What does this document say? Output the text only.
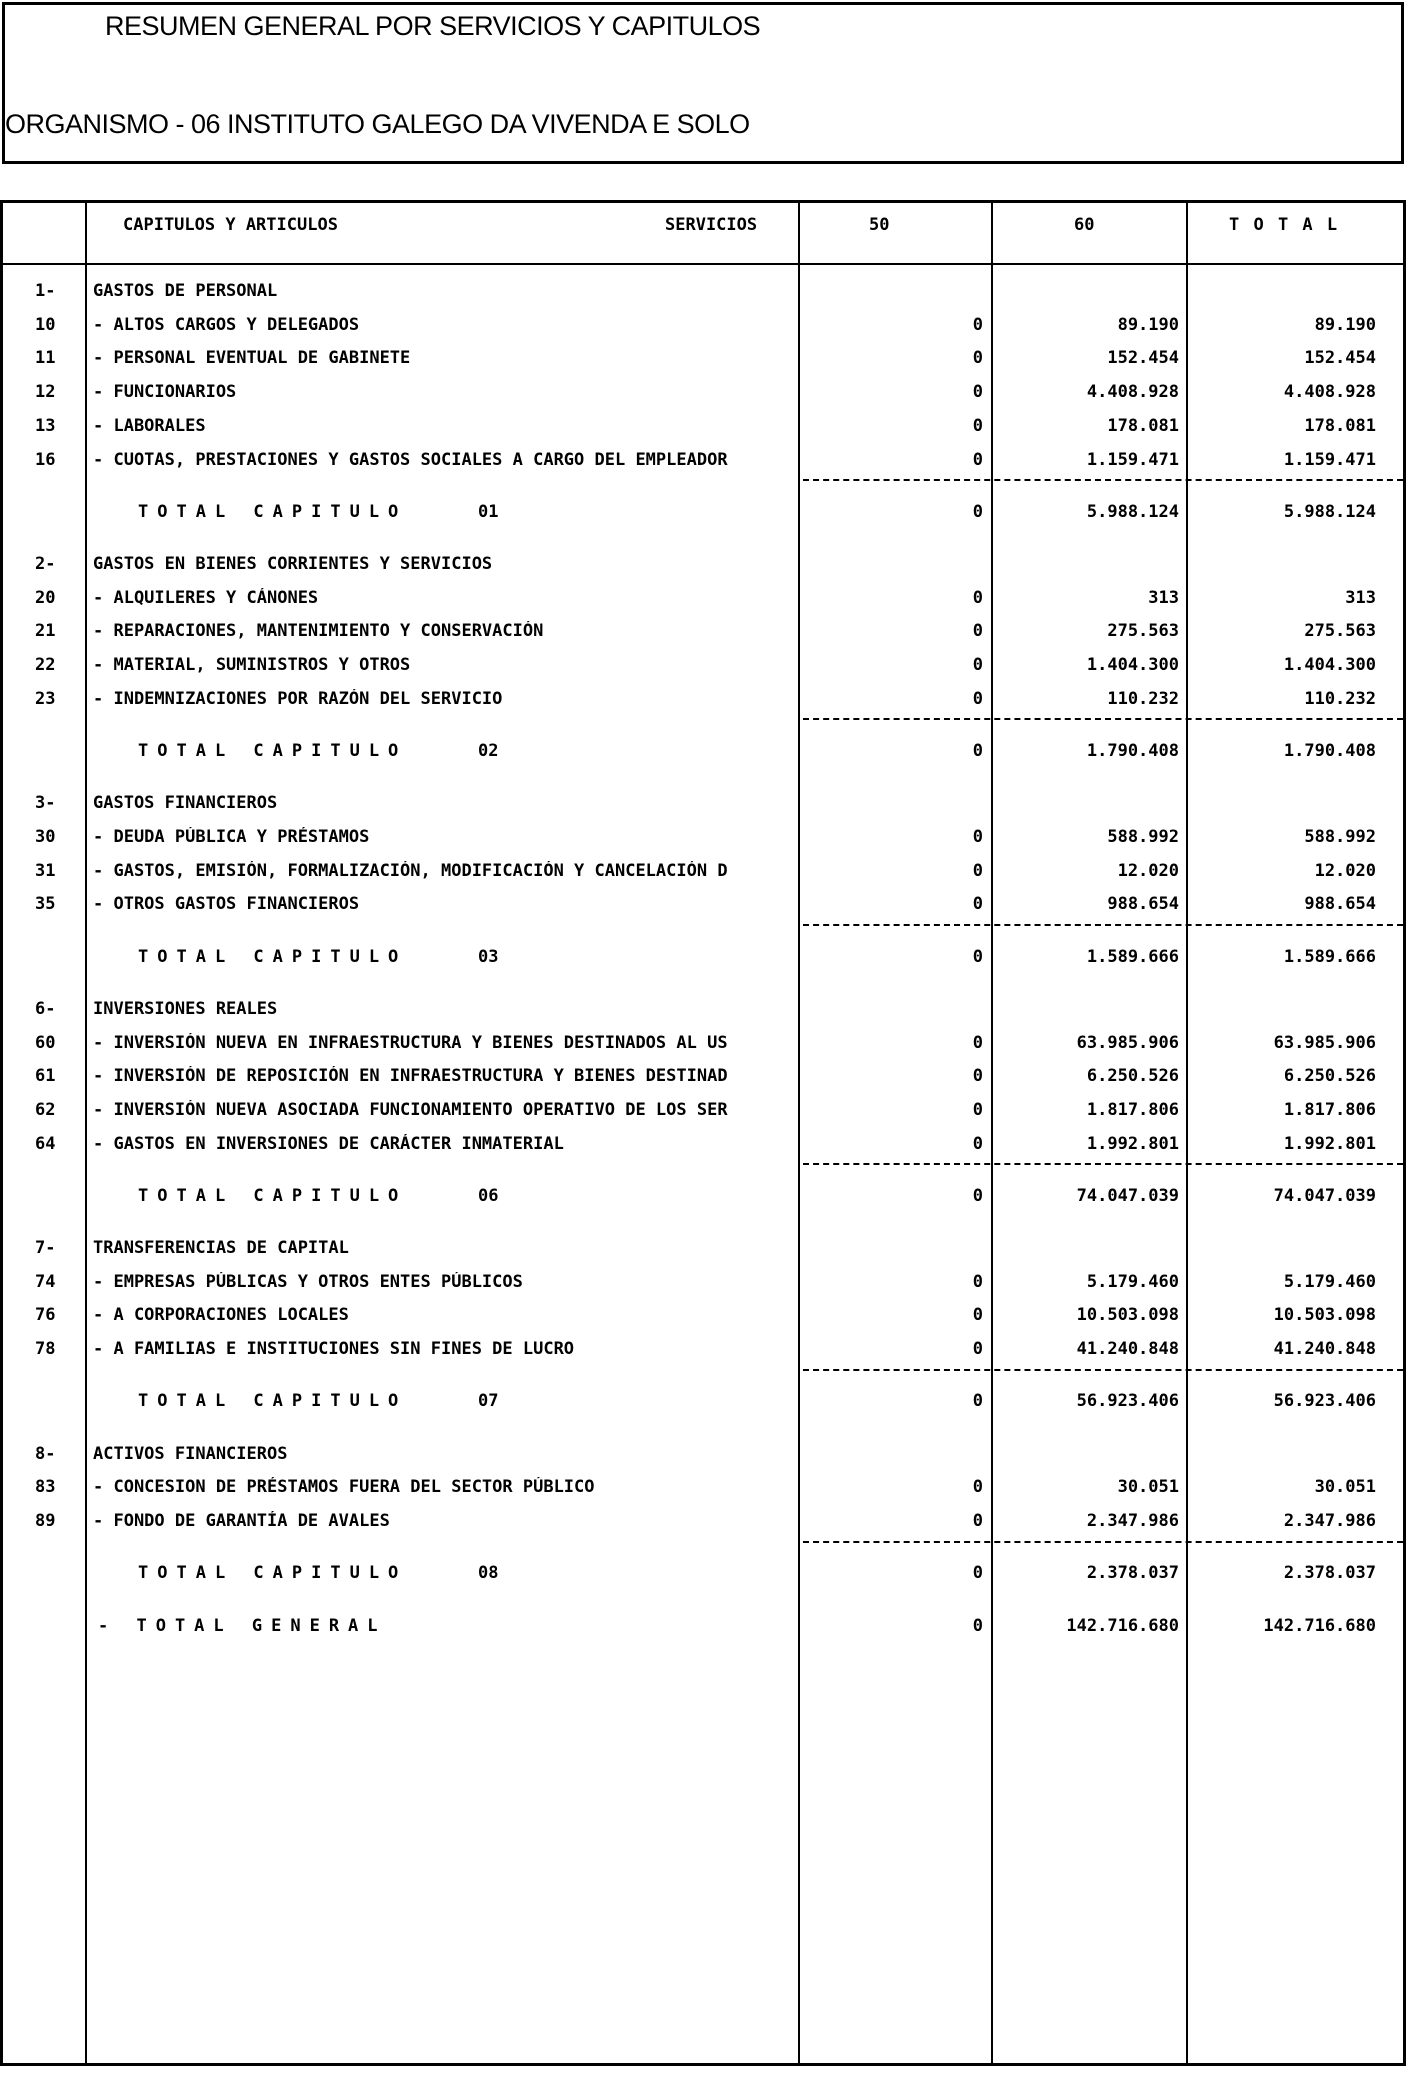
RESUMEN GENERAL POR SERVICIOS Y CAPITULOS
ORGANISMO - 06 INSTITUTO GALEGO DA VIVENDA E SOLO
CAPITULOS Y ARTICULOS	SERVICIOS	50	60	T O T A L
1- GASTOS DE PERSONAL
10 - ALTOS CARGOS Y DELEGADOS	0	89.190	89.190
11 - PERSONAL EVENTUAL DE GABINETE	0	152.454	152.454
12 - FUNCIONARIOS	0	4.408.928	4.408.928
13 - LABORALES	0	178.081	178.081
16 - CUOTAS, PRESTACIONES Y GASTOS SOCIALES A CARGO DEL EMPLEADOR	0	1.159.471	1.159.471
TOTAL CAPITULO	01	0	5.988.124	5.988.124
2- GASTOS EN BIENES CORRIENTES Y SERVICIOS
20 - ALQUILERES Y CÁNONES	0	313	313
21 - REPARACIONES, MANTENIMIENTO Y CONSERVACIÓN	0	275.563	275.563
22 - MATERIAL, SUMINISTROS Y OTROS	0	1.404.300	1.404.300
23 - INDEMNIZACIONES POR RAZÓN DEL SERVICIO	0	110.232	110.232
TOTAL CAPITULO	02	0	1.790.408	1.790.408
3- GASTOS FINANCIEROS
30 - DEUDA PÚBLICA Y PRÉSTAMOS	0	588.992	588.992
31 - GASTOS, EMISIÓN, FORMALIZACIÓN, MODIFICACIÓN Y CANCELACIÓN D	0	12.020	12.020
35 - OTROS GASTOS FINANCIEROS	0	988.654	988.654
TOTAL CAPITULO	03	0	1.589.666	1.589.666
6- INVERSIONES REALES
60 - INVERSIÓN NUEVA EN INFRAESTRUCTURA Y BIENES DESTINADOS AL US	0	63.985.906	63.985.906
61 - INVERSIÓN DE REPOSICIÓN EN INFRAESTRUCTURA Y BIENES DESTINAD	0	6.250.526	6.250.526
62 - INVERSIÓN NUEVA ASOCIADA FUNCIONAMIENTO OPERATIVO DE LOS SER	0	1.817.806	1.817.806
64 - GASTOS EN INVERSIONES DE CARÁCTER INMATERIAL	0	1.992.801	1.992.801
TOTAL CAPITULO	06	0	74.047.039	74.047.039
7- TRANSFERENCIAS DE CAPITAL
74 - EMPRESAS PÚBLICAS Y OTROS ENTES PÚBLICOS	0	5.179.460	5.179.460
76 - A CORPORACIONES LOCALES	0	10.503.098	10.503.098
78 - A FAMILIAS E INSTITUCIONES SIN FINES DE LUCRO	0	41.240.848	41.240.848
TOTAL CAPITULO	07	0	56.923.406	56.923.406
8- ACTIVOS FINANCIEROS
83 - CONCESION DE PRÉSTAMOS FUERA DEL SECTOR PÚBLICO	0	30.051	30.051
89 - FONDO DE GARANTÍA DE AVALES	0	2.347.986	2.347.986
TOTAL CAPITULO	08	0	2.378.037	2.378.037
- TOTAL GENERAL	0	142.716.680	142.716.680
